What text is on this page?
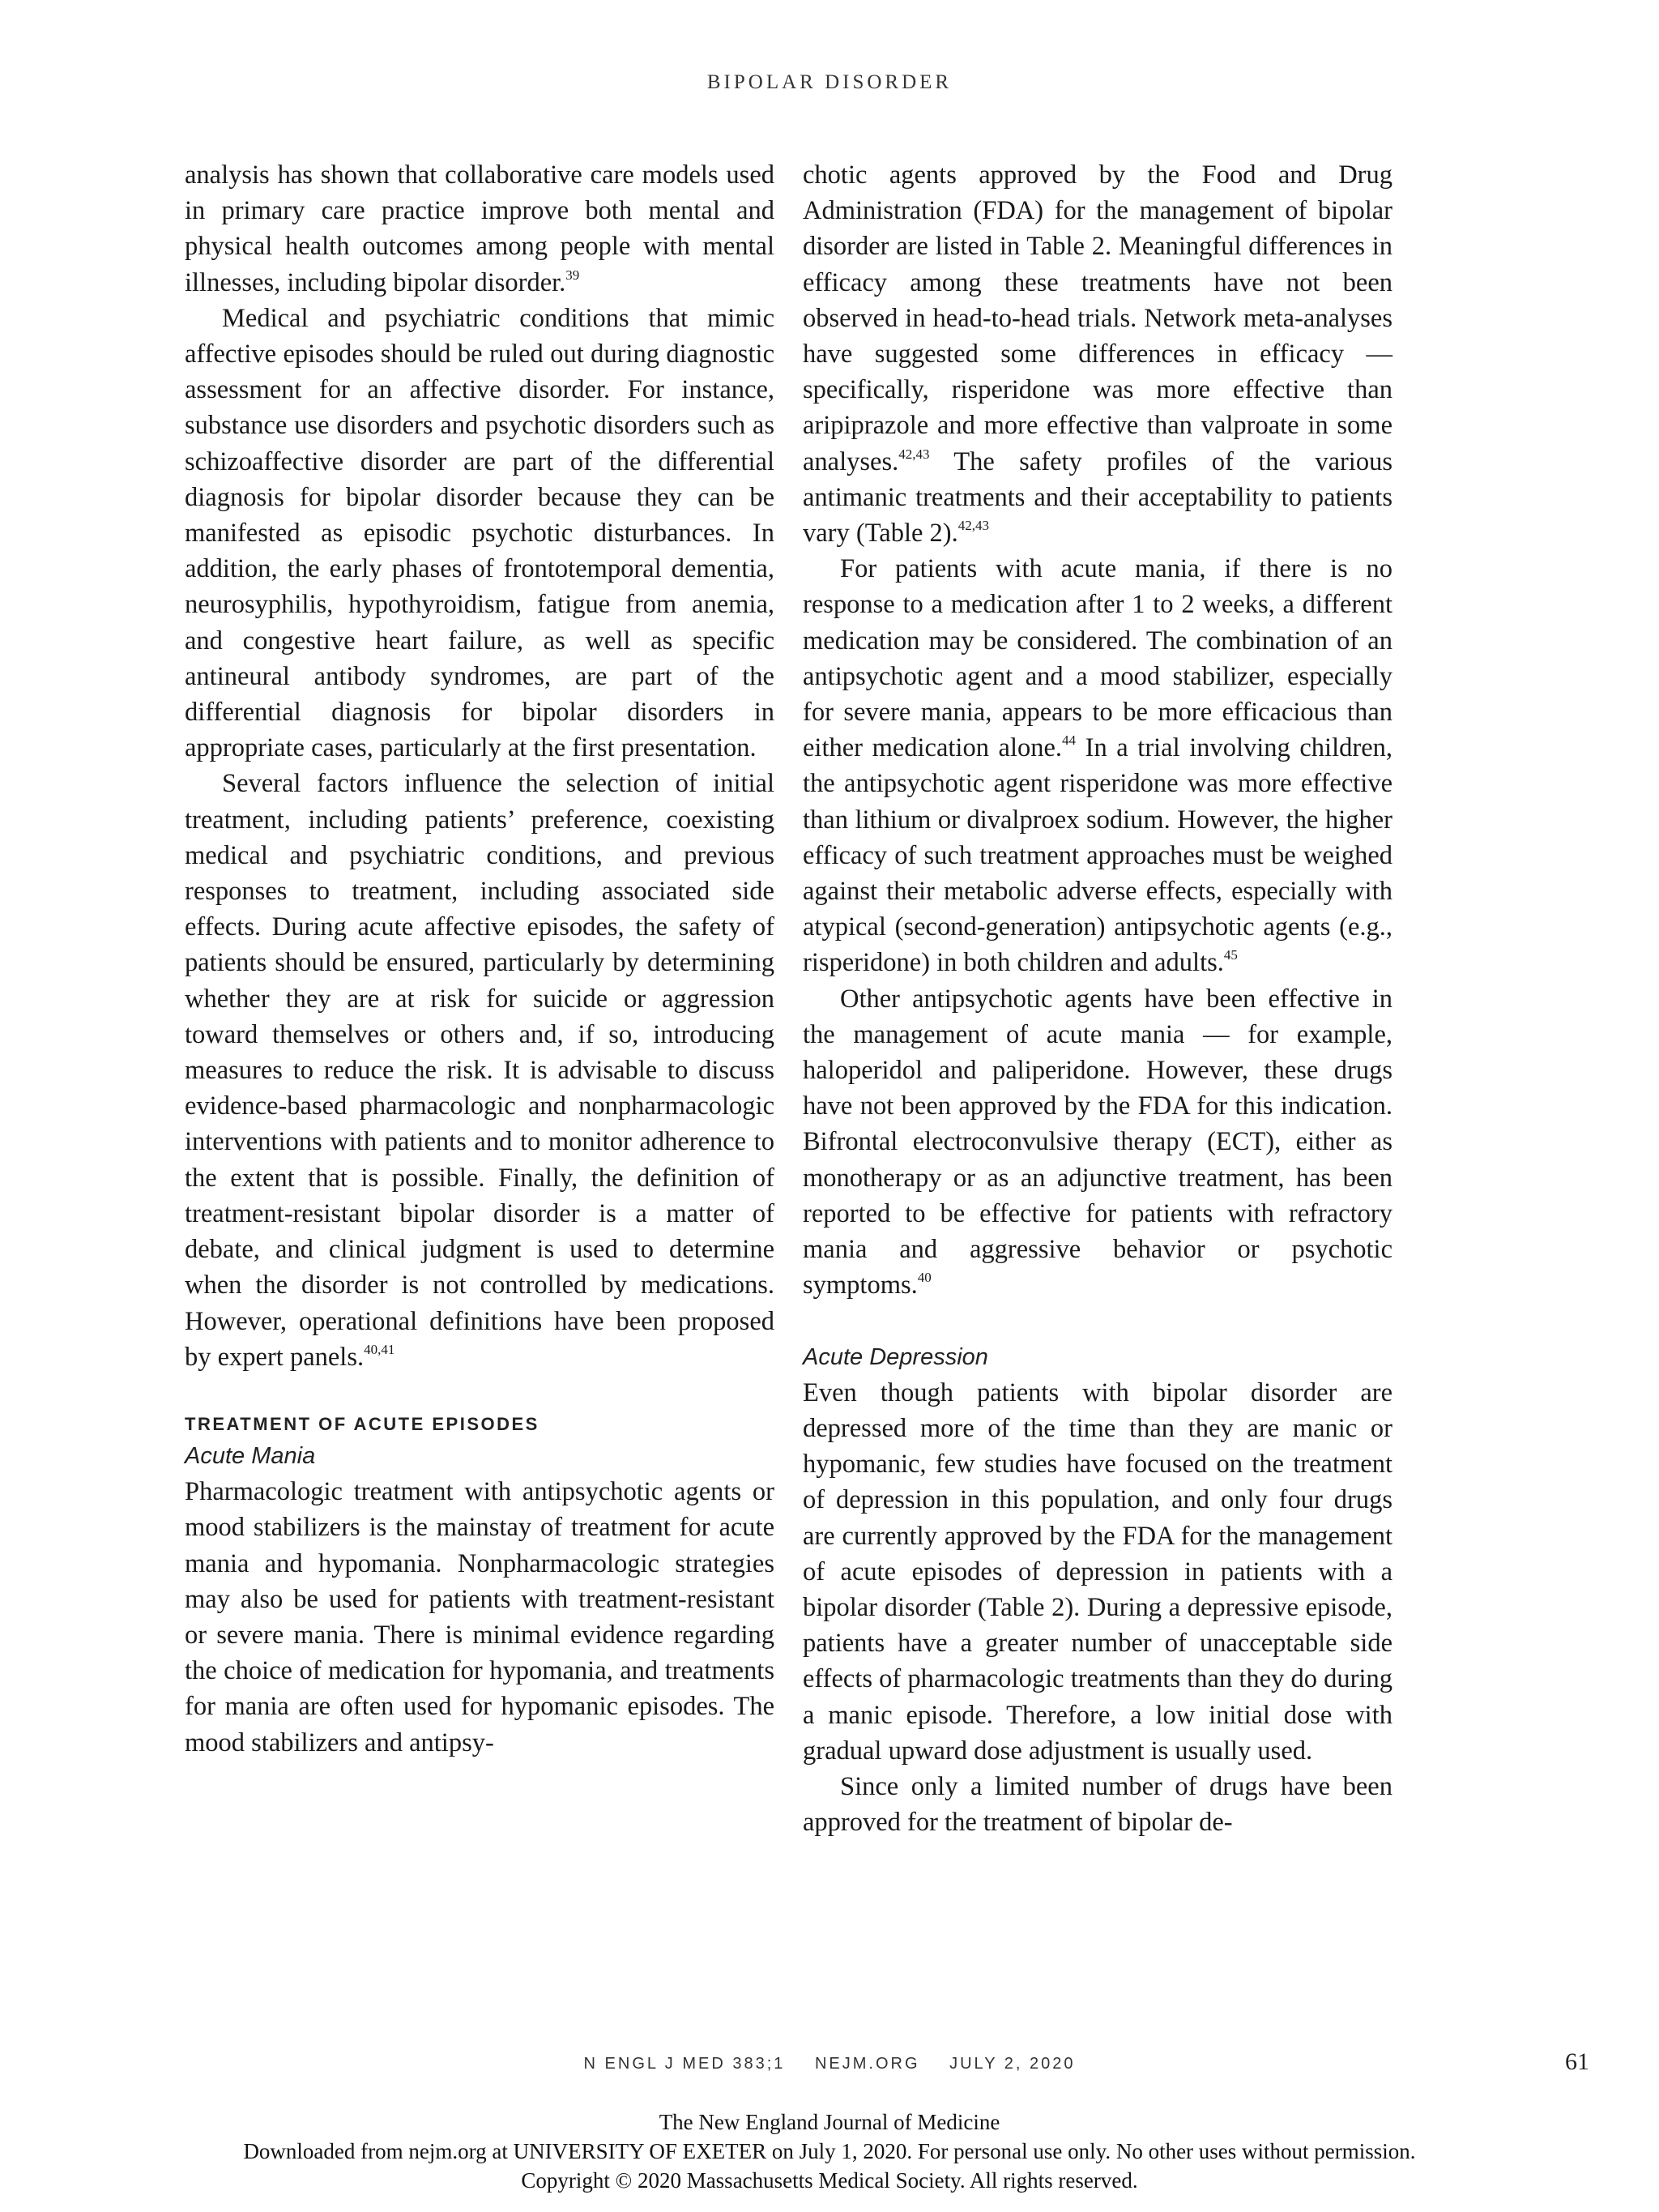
BIPOLAR DISORDER

analysis has shown that collaborative care models used in primary care practice improve both mental and physical health outcomes among people with mental illnesses, including bipolar disorder.$^{39}$

Medical and psychiatric conditions that mimic affective episodes should be ruled out during diagnostic assessment for an affective disorder. For instance, substance use disorders and psychotic disorders such as schizoaffective disorder are part of the differential diagnosis for bipolar disorder because they can be manifested as episodic psychotic disturbances. In addition, the early phases of frontotemporal dementia, neurosyphilis, hypothyroidism, fatigue from anemia, and congestive heart failure, as well as specific antineural antibody syndromes, are part of the differential diagnosis for bipolar disorders in appropriate cases, particularly at the first presentation.

Several factors influence the selection of initial treatment, including patients’ preference, coexisting medical and psychiatric conditions, and previous responses to treatment, including associated side effects. During acute affective episodes, the safety of patients should be ensured, particularly by determining whether they are at risk for suicide or aggression toward themselves or others and, if so, introducing measures to reduce the risk. It is advisable to discuss evidence-based pharmacologic and nonpharmacologic interventions with patients and to monitor adherence to the extent that is possible. Finally, the definition of treatment-resistant bipolar disorder is a matter of debate, and clinical judgment is used to determine when the disorder is not controlled by medications. However, operational definitions have been proposed by expert panels.$^{40,41}$

TREATMENT OF ACUTE EPISODES
Acute Mania

Pharmacologic treatment with antipsychotic agents or mood stabilizers is the mainstay of treatment for acute mania and hypomania. Nonpharmacologic strategies may also be used for patients with treatment-resistant or severe mania. There is minimal evidence regarding the choice of medication for hypomania, and treatments for mania are often used for hypomanic episodes. The mood stabilizers and antipsy-

chotic agents approved by the Food and Drug Administration (FDA) for the management of bipolar disorder are listed in Table 2. Meaningful differences in efficacy among these treatments have not been observed in head-to-head trials. Network meta-analyses have suggested some differences in efficacy — specifically, risperidone was more effective than aripiprazole and more effective than valproate in some analyses.$^{42,43}$ The safety profiles of the various antimanic treatments and their acceptability to patients vary (Table 2).$^{42,43}$

For patients with acute mania, if there is no response to a medication after 1 to 2 weeks, a different medication may be considered. The combination of an antipsychotic agent and a mood stabilizer, especially for severe mania, appears to be more efficacious than either medication alone.$^{44}$ In a trial involving children, the antipsychotic agent risperidone was more effective than lithium or divalproex sodium. However, the higher efficacy of such treatment approaches must be weighed against their metabolic adverse effects, especially with atypical (second-generation) antipsychotic agents (e.g., risperidone) in both children and adults.$^{45}$

Other antipsychotic agents have been effective in the management of acute mania — for example, haloperidol and paliperidone. However, these drugs have not been approved by the FDA for this indication. Bifrontal electroconvulsive therapy (ECT), either as monotherapy or as an adjunctive treatment, has been reported to be effective for patients with refractory mania and aggressive behavior or psychotic symptoms.$^{40}$

Acute Depression

Even though patients with bipolar disorder are depressed more of the time than they are manic or hypomanic, few studies have focused on the treatment of depression in this population, and only four drugs are currently approved by the FDA for the management of acute episodes of depression in patients with a bipolar disorder (Table 2). During a depressive episode, patients have a greater number of unacceptable side effects of pharmacologic treatments than they do during a manic episode. Therefore, a low initial dose with gradual upward dose adjustment is usually used.

Since only a limited number of drugs have been approved for the treatment of bipolar de-

N ENGL J MED 383;1 NEJM.ORG JULY 2, 2020	61
The New England Journal of Medicine
Downloaded from nejm.org at UNIVERSITY OF EXETER on July 1, 2020. For personal use only. No other uses without permission.
Copyright © 2020 Massachusetts Medical Society. All rights reserved.
